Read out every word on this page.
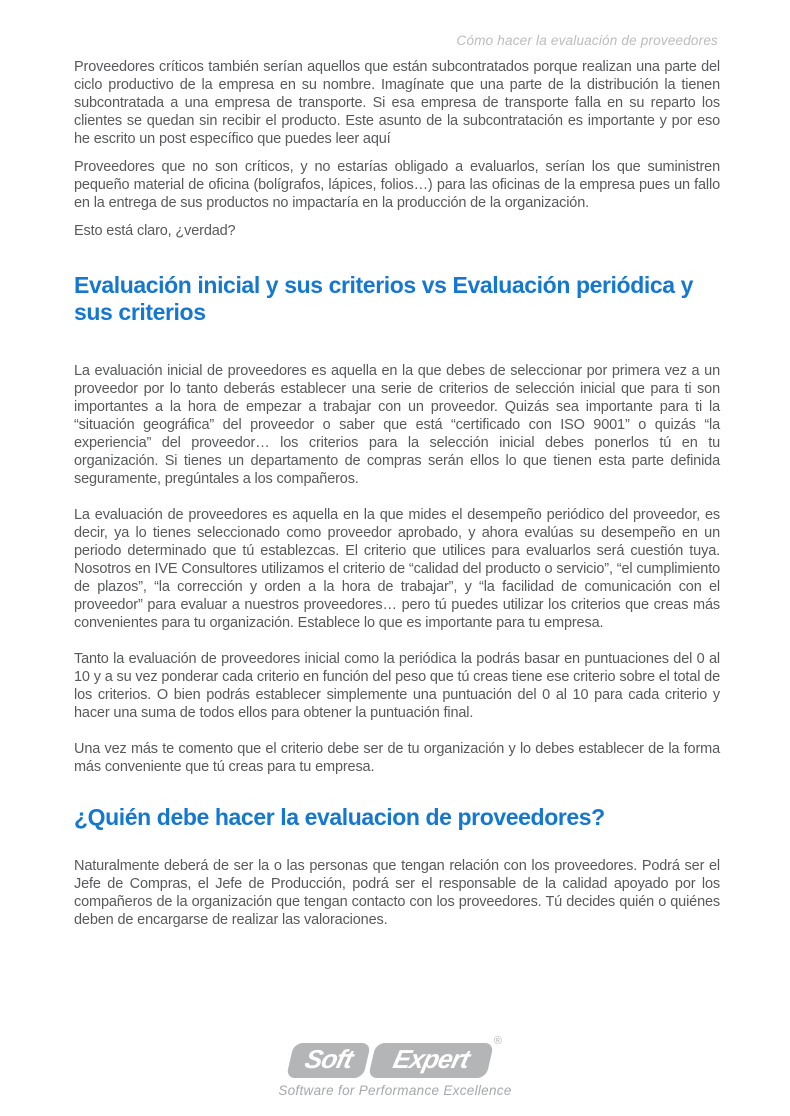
Cómo hacer la evaluación de proveedores

Proveedores críticos también serían aquellos que están subcontratados porque realizan una parte del ciclo productivo de la empresa en su nombre. Imagínate que una parte de la distribución la tienen subcontratada a una empresa de transporte. Si esa empresa de transporte falla en su reparto los clientes se quedan sin recibir el producto. Este asunto de la subcontratación es importante y por eso he escrito un post específico que puedes leer aquí

Proveedores que no son críticos, y no estarías obligado a evaluarlos, serían los que suministren pequeño material de oficina (bolígrafos, lápices, folios…) para las oficinas de la empresa pues un fallo en la entrega de sus productos no impactaría en la producción de la organización.

Esto está claro, ¿verdad?

Evaluación inicial y sus criterios vs Evaluación periódica y sus criterios

La evaluación inicial de proveedores es aquella en la que debes de seleccionar por primera vez a un proveedor por lo tanto deberás establecer una serie de criterios de selección inicial que para ti son importantes a la hora de empezar a trabajar con un proveedor. Quizás sea importante para ti la “situación geográfica” del proveedor o saber que está “certificado con ISO 9001” o quizás “la experiencia” del proveedor… los criterios para la selección inicial debes ponerlos tú en tu organización. Si tienes un departamento de compras serán ellos lo que tienen esta parte definida seguramente, pregúntales a los compañeros.

La evaluación de proveedores es aquella en la que mides el desempeño periódico del proveedor, es decir, ya lo tienes seleccionado como proveedor aprobado, y ahora evalúas su desempeño en un periodo determinado que tú establezcas. El criterio que utilices para evaluarlos será cuestión tuya. Nosotros en IVE Consultores utilizamos el criterio de “calidad del producto o servicio”, “el cumplimiento de plazos”, “la corrección y orden a la hora de trabajar”, y “la facilidad de comunicación con el proveedor” para evaluar a nuestros proveedores… pero tú puedes utilizar los criterios que creas más convenientes para tu organización. Establece lo que es importante para tu empresa.

Tanto la evaluación de proveedores inicial como la periódica la podrás basar en puntuaciones del 0 al 10 y a su vez ponderar cada criterio en función del peso que tú creas tiene ese criterio sobre el total de los criterios. O bien podrás establecer simplemente una puntuación del 0 al 10 para cada criterio y hacer una suma de todos ellos para obtener la puntuación final.

Una vez más te comento que el criterio debe ser de tu organización y lo debes establecer de la forma más conveniente que tú creas para tu empresa.

¿Quién debe hacer la evaluacion de proveedores?

Naturalmente deberá de ser la o las personas que tengan relación con los proveedores. Podrá ser el Jefe de Compras, el Jefe de Producción, podrá ser el responsable de la calidad apoyado por los compañeros de la organización que tengan contacto con los proveedores. Tú decides quién o quiénes deben de encargarse de realizar las valoraciones.

Soft Expert
®
Software for Performance Excellence
